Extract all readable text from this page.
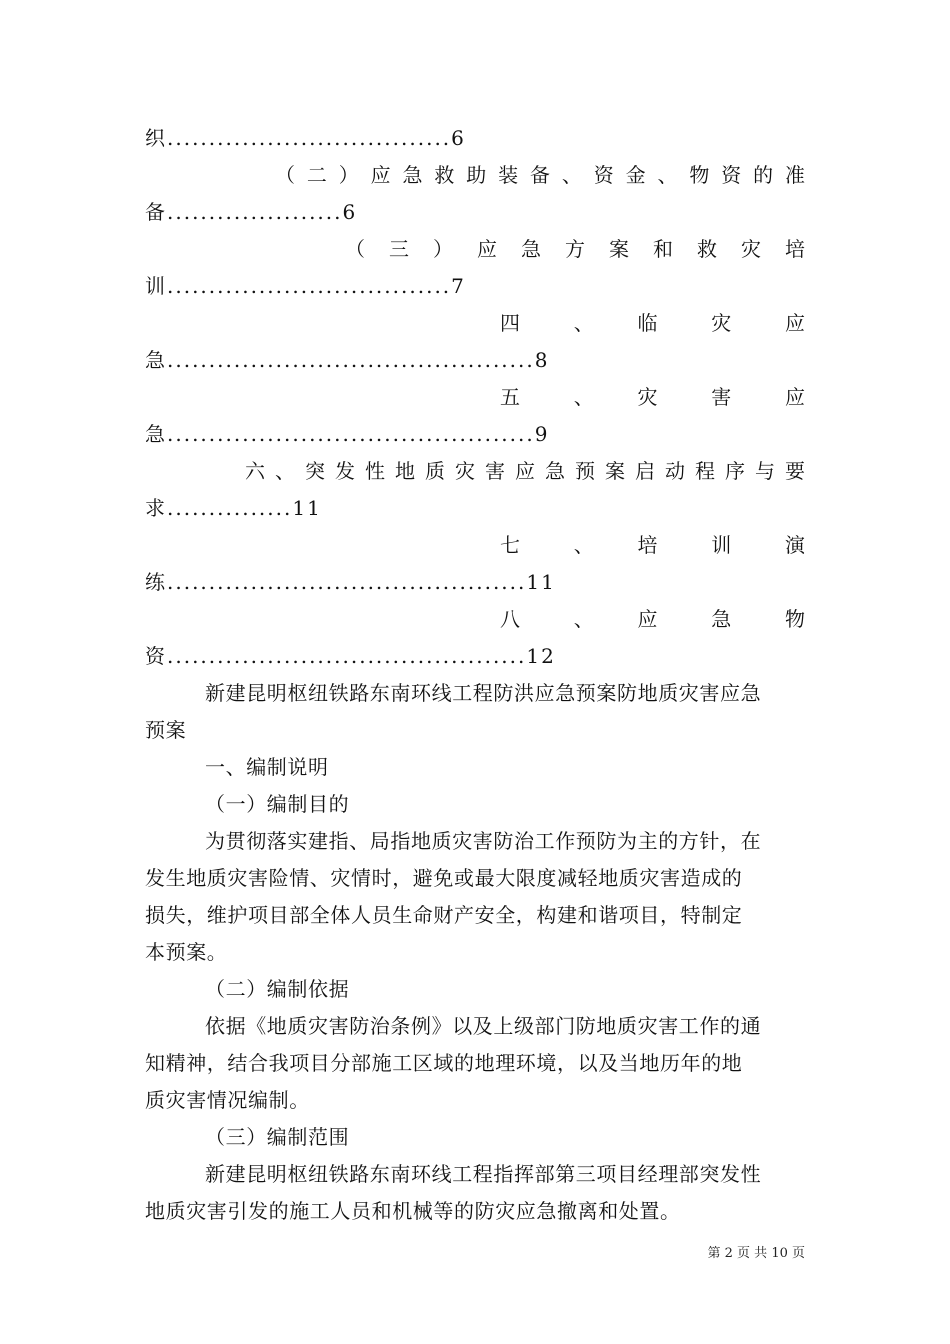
织..................................6
（二）应急救助装备、资金、物资的准
备.....................6
（三）应急方案和救灾培
训..................................7
四　　、　　临　　灾　　应
急............................................8
五　　、　　灾　　害　　应
急............................................9
六、突发性地质灾害应急预案启动程序与要
求...............11
七　　、　　培　　训　　演
练...........................................11
八　　、　　应　　急　　物
资...........................................12
新建昆明枢纽铁路东南环线工程防洪应急预案防地质灾害应急
预案
一、编制说明
（一）编制目的
为贯彻落实建指、局指地质灾害防治工作预防为主的方针，在
发生地质灾害险情、灾情时，避免或最大限度减轻地质灾害造成的
损失，维护项目部全体人员生命财产安全，构建和谐项目，特制定
本预案。
（二）编制依据
依据《地质灾害防治条例》以及上级部门防地质灾害工作的通
知精神，结合我项目分部施工区域的地理环境，以及当地历年的地
质灾害情况编制。
（三）编制范围
新建昆明枢纽铁路东南环线工程指挥部第三项目经理部突发性
地质灾害引发的施工人员和机械等的防灾应急撤离和处置。
第 2 页 共 10 页
